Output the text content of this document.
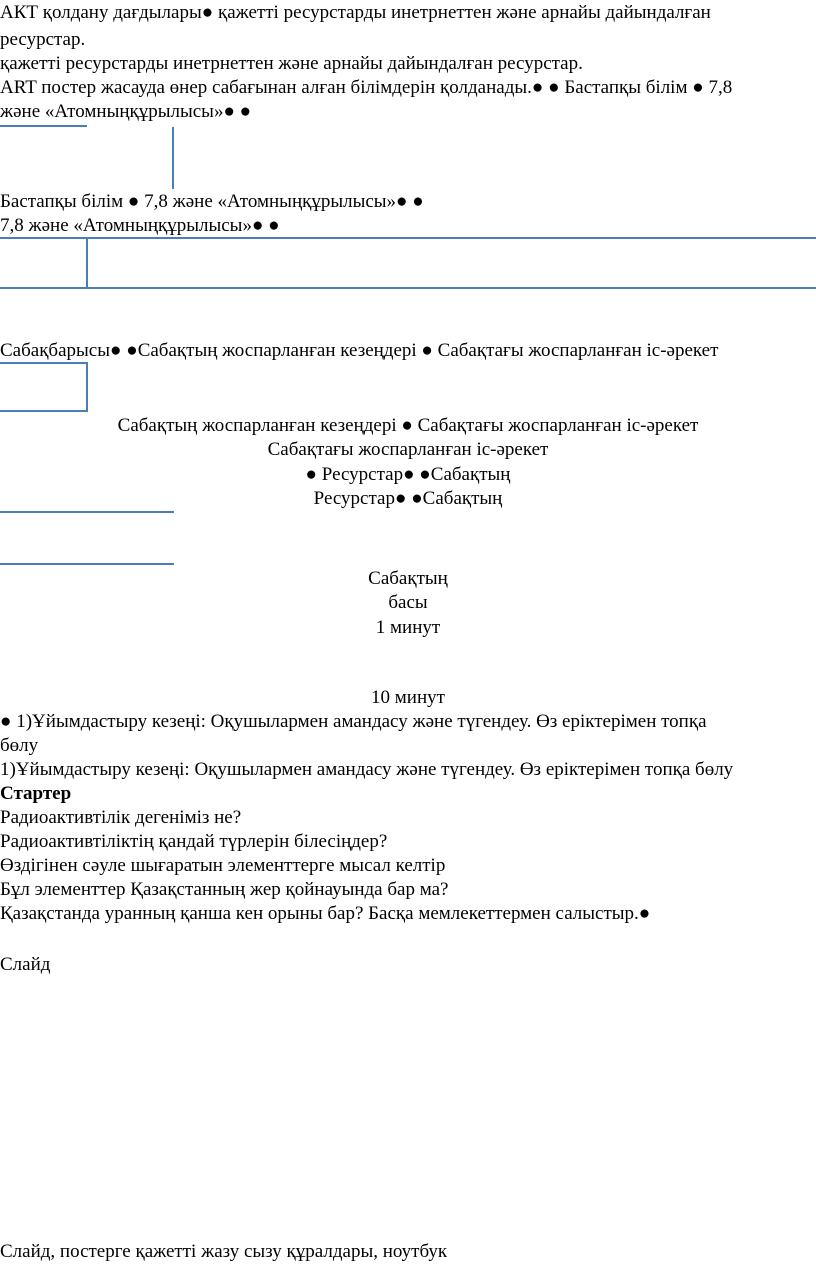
АКТ қолдану дағдылары● қажетті ресурстарды инетрнеттен және арнайы дайындалған
ресурстар.
қажетті ресурстарды инетрнеттен және арнайы дайындалған ресурстар.
ART постер жасауда өнер сабағынан алған білімдерін қолданады.● ● Бастапқы білім ● 7,8
және «Атомныңқұрылысы»● ●
Бастапқы білім ● 7,8 және «Атомныңқұрылысы»● ●
7,8 және «Атомныңқұрылысы»● ●
Сабақбарысы● ●Сабақтың жоспарланған кезеңдері ● Сабақтағы жоспарланған іс-әрекет
Сабақтың жоспарланған кезеңдері ● Сабақтағы жоспарланған іс-әрекет
Сабақтағы жоспарланған іс-әрекет
● Ресурстар● ●Сабақтың
Ресурстар● ●Сабақтың
Сабақтың
басы
1 минут
10 минут
● 1)Ұйымдастыру кезеңі: Оқушылармен амандасу және түгендеу. Өз еріктерімен топқа
бөлу
1)Ұйымдастыру кезеңі: Оқушылармен амандасу және түгендеу. Өз еріктерімен топқа бөлу
Стартер
Радиоактивтілік дегеніміз не?
Радиоактивтіліктің қандай түрлерін білесіңдер?
Өздігінен сәуле шығаратын элементтерге мысал келтір
Бұл элементтер Қазақстанның жер қойнауында бар ма?
Қазақстанда уранның қанша кен орыны бар? Басқа мемлекеттермен салыстыр.●
Слайд
Слайд, постерге қажетті жазу сызу құралдары, ноутбук
